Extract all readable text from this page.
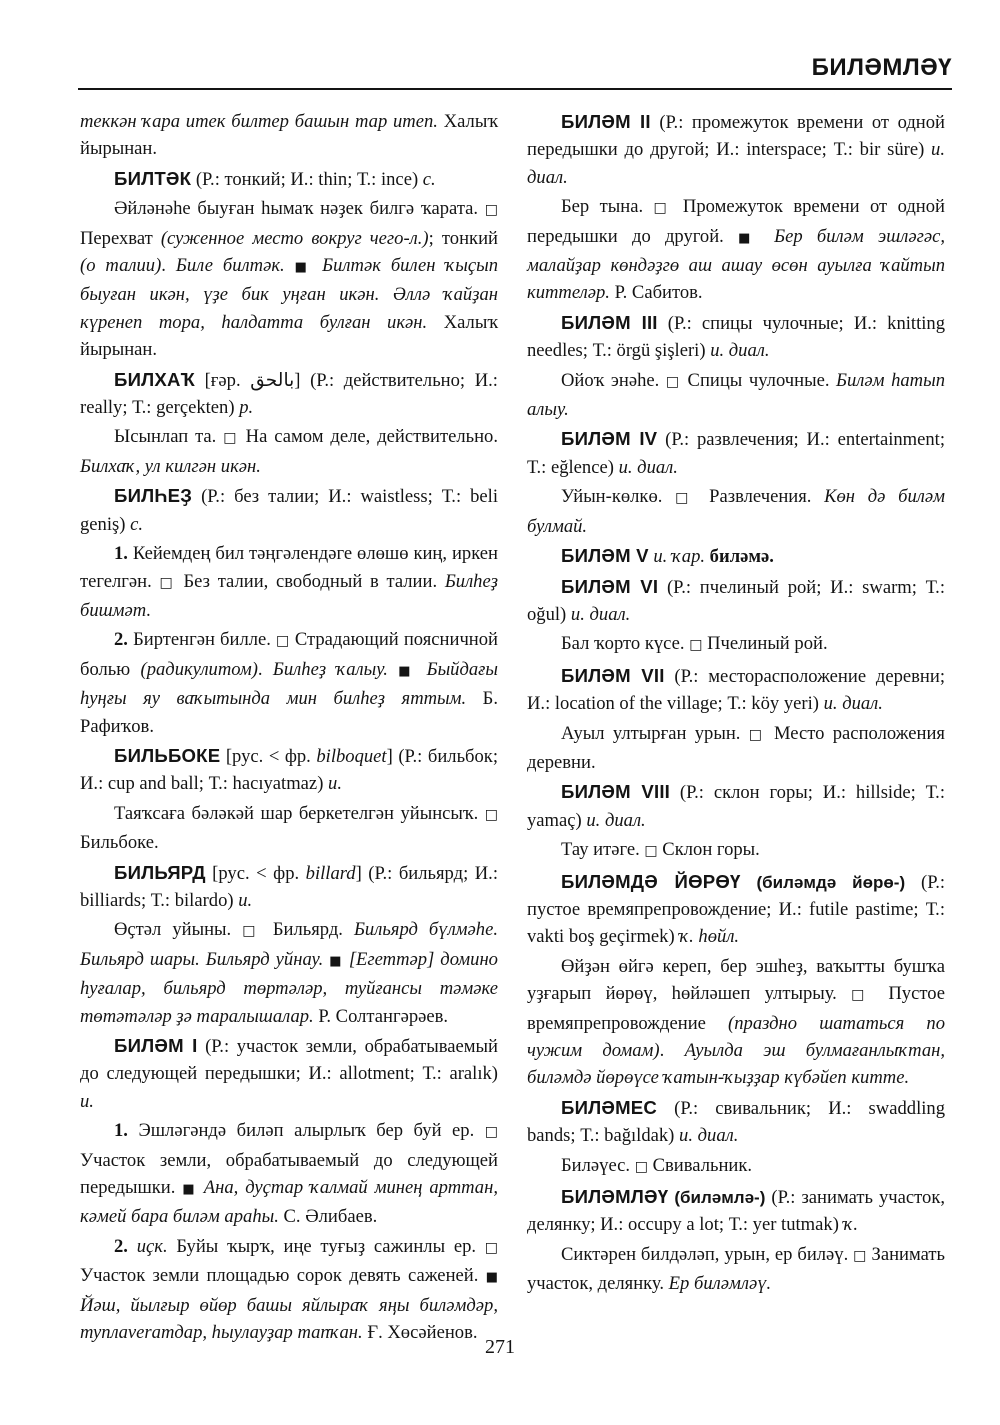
БИЛӘМЛӘҮ

теккән ҡара итек билтер башын тар итеп. Халыҡ йырынан.

БИЛТӘК (Р.: тонкий; И.: thin; Т.: ince) с.

Әйләнәһе быуған һымаҡ нәҙек билгә ҡарата. □ Перехват (суженное место вокруг чего-л.); тонкий (о талии). Биле билтәк. ■ Билтәк билен ҡыҫып быуған икән, үҙе бик уңған икән. Әллә ҡайҙан күренеп тора, һалдатта булған икән. Халыҡ йырынан.

БИЛХАҠ [ғәр. بالحق] (Р.: действительно; И.: really; Т.: gerçekten) р.

Ысынлап та. □ На самом деле, действительно. Билхаҡ, ул килгән икән.

БИЛҺЕҘ (Р.: без талии; И.: waistless; Т.: beli geniş) с.

1. Кейемдең бил тәңгәлендәге өлөшө киң, иркен тегелгән. □ Без талии, свободный в талии. Билһеҙ бишмәт.

2. Биртенгән билле. □ Страдающий поясничной болью (радикулитом). Билһеҙ ҡалыу. ■ Быйдағы һуңғы яу ваҡытында мин билһеҙ яттым. Б. Рафиҡов.

БИЛЬБОКЕ [рус. < фр. bilboquet] (Р.: бильбок; И.: cup and ball; Т.: hacıyatmaz) и.

Таяҡсаға бәләкәй шар беркетелгән уйынсыҡ. □ Бильбоке.

БИЛЬЯРД [рус. < фр. billard] (Р.: бильярд; И.: billiards; Т.: bilardo) и.

Өҫтәл уйыны. □ Бильярд. Бильярд бүлмәһе. Бильярд шары. Бильярд уйнау. ■ [Егеттәр] домино һуғалар, бильярд төртәләр, туйғансы тәмәке төтәтәләр ҙә таралышалар. Р. Солтангәрәев.

БИЛӘМ I (Р.: участок земли, обрабатываемый до следующей передышки; И.: allotment; Т.: aralık) и.

1. Эшләгәндә биләп алырлыҡ бер буй ер. □ Участок земли, обрабатываемый до следующей передышки. ■ Ана, дуҫтар ҡалмай минең арттан, кәмей бара биләм араһы. С. Әлибаев.

2. иҫк. Буйы ҡырҡ, иңе туғыҙ сажинлы ер. □ Участок земли площадью сорок девять саженей. ■ Йәш, йылғыр өйөр башы яйлыраҡ яңы биләмдәр, туплaveramдар, һыулауҙар тапҡан. Ғ. Хөсәйенов.

БИЛӘМ II (Р.: промежуток времени от одной передышки до другой; И.: interspace; Т.: bir süre) и. диал.

Бер тына. □ Промежуток времени от одной передышки до другой. ■ Бер биләм эшләгәс, малайҙар көндәҙгө аш ашау өсөн ауылға ҡайтып киттеләр. Р. Сабитов.

БИЛӘМ III (Р.: спицы чулочные; И.: knitting needles; Т.: örgü şişleri) и. диал.

Ойоҡ энәһе. □ Спицы чулочные. Биләм һатып алыу.

БИЛӘМ IV (Р.: развлечения; И.: entertainment; Т.: eğlence) и. диал.

Уйын-көлкө. □ Развлечения. Көн дә биләм булмай.

БИЛӘМ V и. ҡар. биләмә.

БИЛӘМ VI (Р.: пчелиный рой; И.: swarm; Т.: oğul) и. диал.

Бал ҡорто күсе. □ Пчелиный рой.

БИЛӘМ VII (Р.: месторасположение деревни; И.: location of the village; Т.: köy yeri) и. диал.

Ауыл ултырған урын. □ Место расположения деревни.

БИЛӘМ VIII (Р.: склон горы; И.: hillside; Т.: yamaç) и. диал.

Тау итәге. □ Склон горы.

БИЛӘМДӘ ЙӨРӨҮ (биләмдә йөрө-) (Р.: пустое времяпрепровождение; И.: futile pastime; Т.: vakti boş geçirmek) ҡ. һөйл.

Өйҙән өйгә кереп, бер эшһеҙ, ваҡытты бушҡа уҙғарып йөрөү, һөйләшеп ултырыу. □ Пустое времяпрепровождение (праздно шататься по чужим домам). Ауылда эш булмағанлыҡтан, биләмдә йөрөүсе ҡатын-ҡыҙҙар күбәйеп китте.

БИЛӘМЕС (Р.: свивальник; И.: swaddling bands; Т.: bağıldak) и. диал.

Биләүес. □ Свивальник.

БИЛӘМЛӘҮ (биләмлә-) (Р.: занимать участок, делянку; И.: occupy a lot; Т.: yer tutmak) ҡ.

Сиктәрен билдәләп, урын, ер биләү. □ Занимать участок, делянку. Ер биләмләү.

271
